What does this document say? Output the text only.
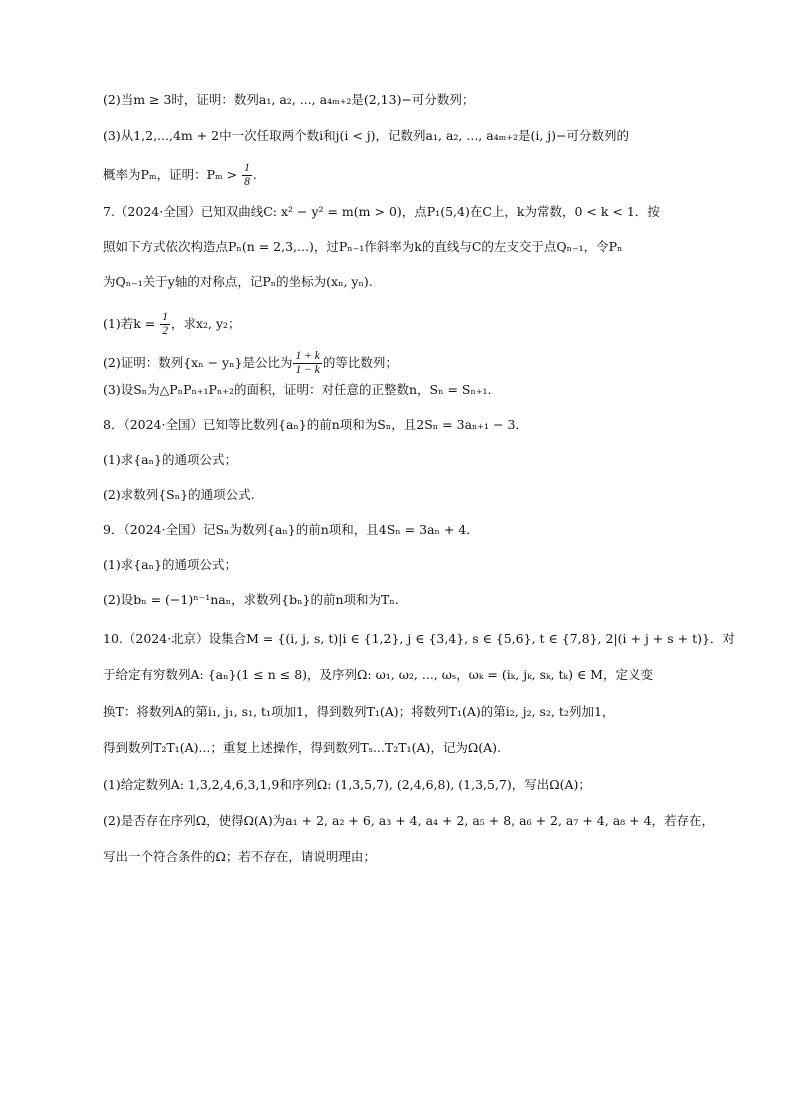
(2)当m ≥ 3时，证明：数列a₁, a₂, ..., a₄ₘ₊₂是(2,13)−可分数列；
(3)从1,2,...,4m + 2中一次任取两个数i和j(i < j)，记数列a₁, a₂, ..., a₄ₘ₊₂是(i, j)−可分数列的
概率为Pₘ，证明：$P_m > \frac{1}{8}$ .
7.（2024·全国）已知双曲线C: x² − y² = m(m > 0)，点P₁(5,4)在C上，k为常数，0 < k < 1．按
照如下方式依次构造点Pₙ(n = 2,3,...)，过Pₙ₋₁作斜率为k的直线与C的左支交于点Qₙ₋₁，令Pₙ
为Qₙ₋₁关于y轴的对称点，记Pₙ的坐标为(xₙ, yₙ).
(1)若$k = \frac{1}{2}$ ，求x₂, y₂；
(2)证明：数列{xₙ − yₙ}是公比为 $\frac{1 + k}{1 - k}$ 的等比数列；
(3)设Sₙ为△PₙPₙ₊₁Pₙ₊₂的面积，证明：对任意的正整数n，Sₙ = Sₙ₊₁.
8．（2024·全国）已知等比数列{aₙ}的前n项和为Sₙ，且2Sₙ = 3aₙ₊₁ − 3．
(1)求{aₙ}的通项公式；
(2)求数列{Sₙ}的通项公式.
9．（2024·全国）记Sₙ为数列{aₙ}的前n项和，且4Sₙ = 3aₙ + 4．
(1)求{aₙ}的通项公式；
(2)设bₙ = (−1)ⁿ⁻¹naₙ，求数列{bₙ}的前n项和为Tₙ.
10.（2024·北京）设集合M = {(i, j, s, t)|i ∈ {1,2}, j ∈ {3,4}, s ∈ {5,6}, t ∈ {7,8}, 2|(i + j + s + t)}．对
于给定有穷数列A: {aₙ}(1 ≤ n ≤ 8)，及序列Ω: ω₁, ω₂, ..., ωₛ，ωₖ = (iₖ, jₖ, sₖ, tₖ) ∈ M，定义变
换T：将数列A的第i₁, j₁, s₁, t₁项加1，得到数列T₁(A)；将数列T₁(A)的第i₂, j₂, s₂, t₂列加1，
得到数列T₂T₁(A)...；重复上述操作，得到数列Tₛ...T₂T₁(A)，记为Ω(A).
(1)给定数列A: 1,3,2,4,6,3,1,9和序列Ω: (1,3,5,7), (2,4,6,8), (1,3,5,7)，写出Ω(A)；
(2)是否存在序列Ω，使得Ω(A)为a₁ + 2, a₂ + 6, a₃ + 4, a₄ + 2, a₅ + 8, a₆ + 2, a₇ + 4, a₈ + 4，若存在，
写出一个符合条件的Ω；若不存在，请说明理由；
